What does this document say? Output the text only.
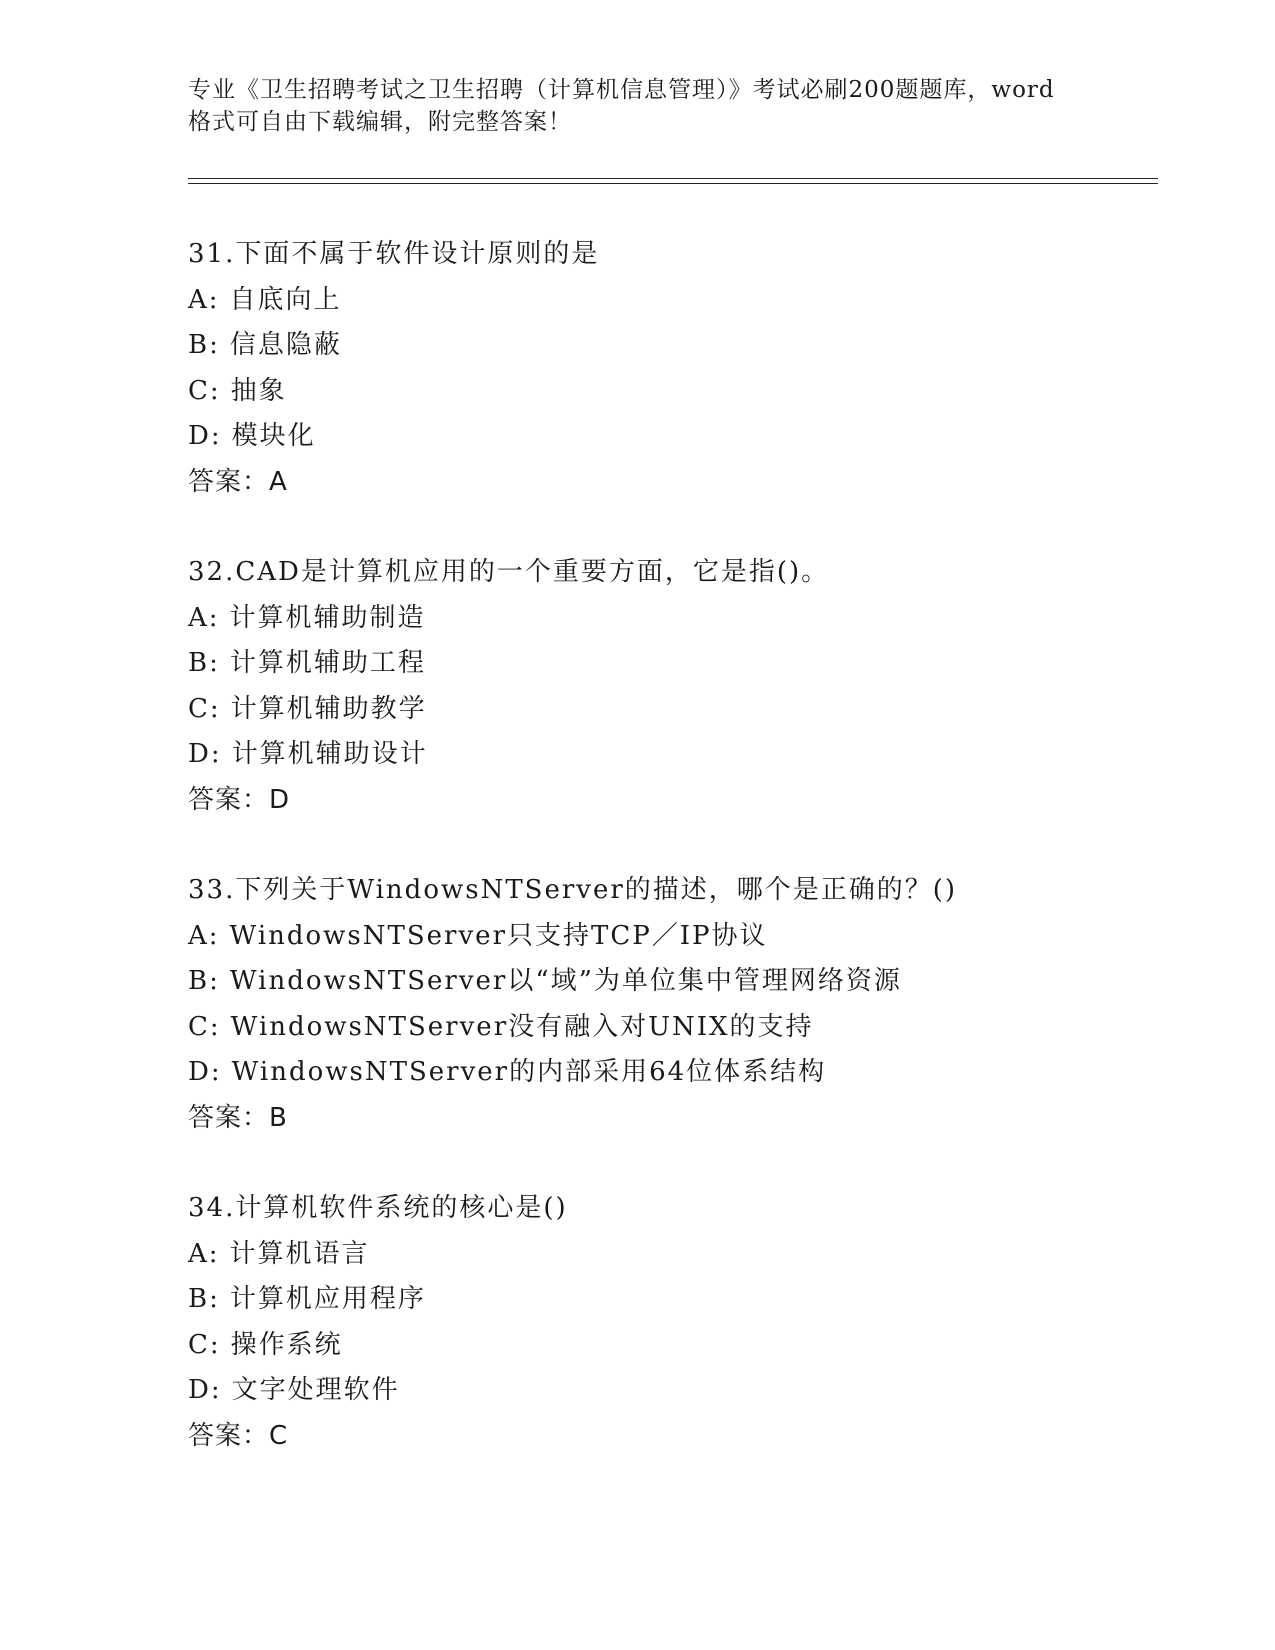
专业《卫生招聘考试之卫生招聘（计算机信息管理）》考试必刷200题题库，word
格式可自由下载编辑，附完整答案！
31.下面不属于软件设计原则的是
A: 自底向上
B: 信息隐蔽
C: 抽象
D: 模块化
答案：A
32.CAD是计算机应用的一个重要方面，它是指()。
A: 计算机辅助制造
B: 计算机辅助工程
C: 计算机辅助教学
D: 计算机辅助设计
答案：D
33.下列关于WindowsNTServer的描述，哪个是正确的？()
A: WindowsNTServer只支持TCP／IP协议
B: WindowsNTServer以“域”为单位集中管理网络资源
C: WindowsNTServer没有融入对UNIX的支持
D: WindowsNTServer的内部采用64位体系结构
答案：B
34.计算机软件系统的核心是()
A: 计算机语言
B: 计算机应用程序
C: 操作系统
D: 文字处理软件
答案：C
